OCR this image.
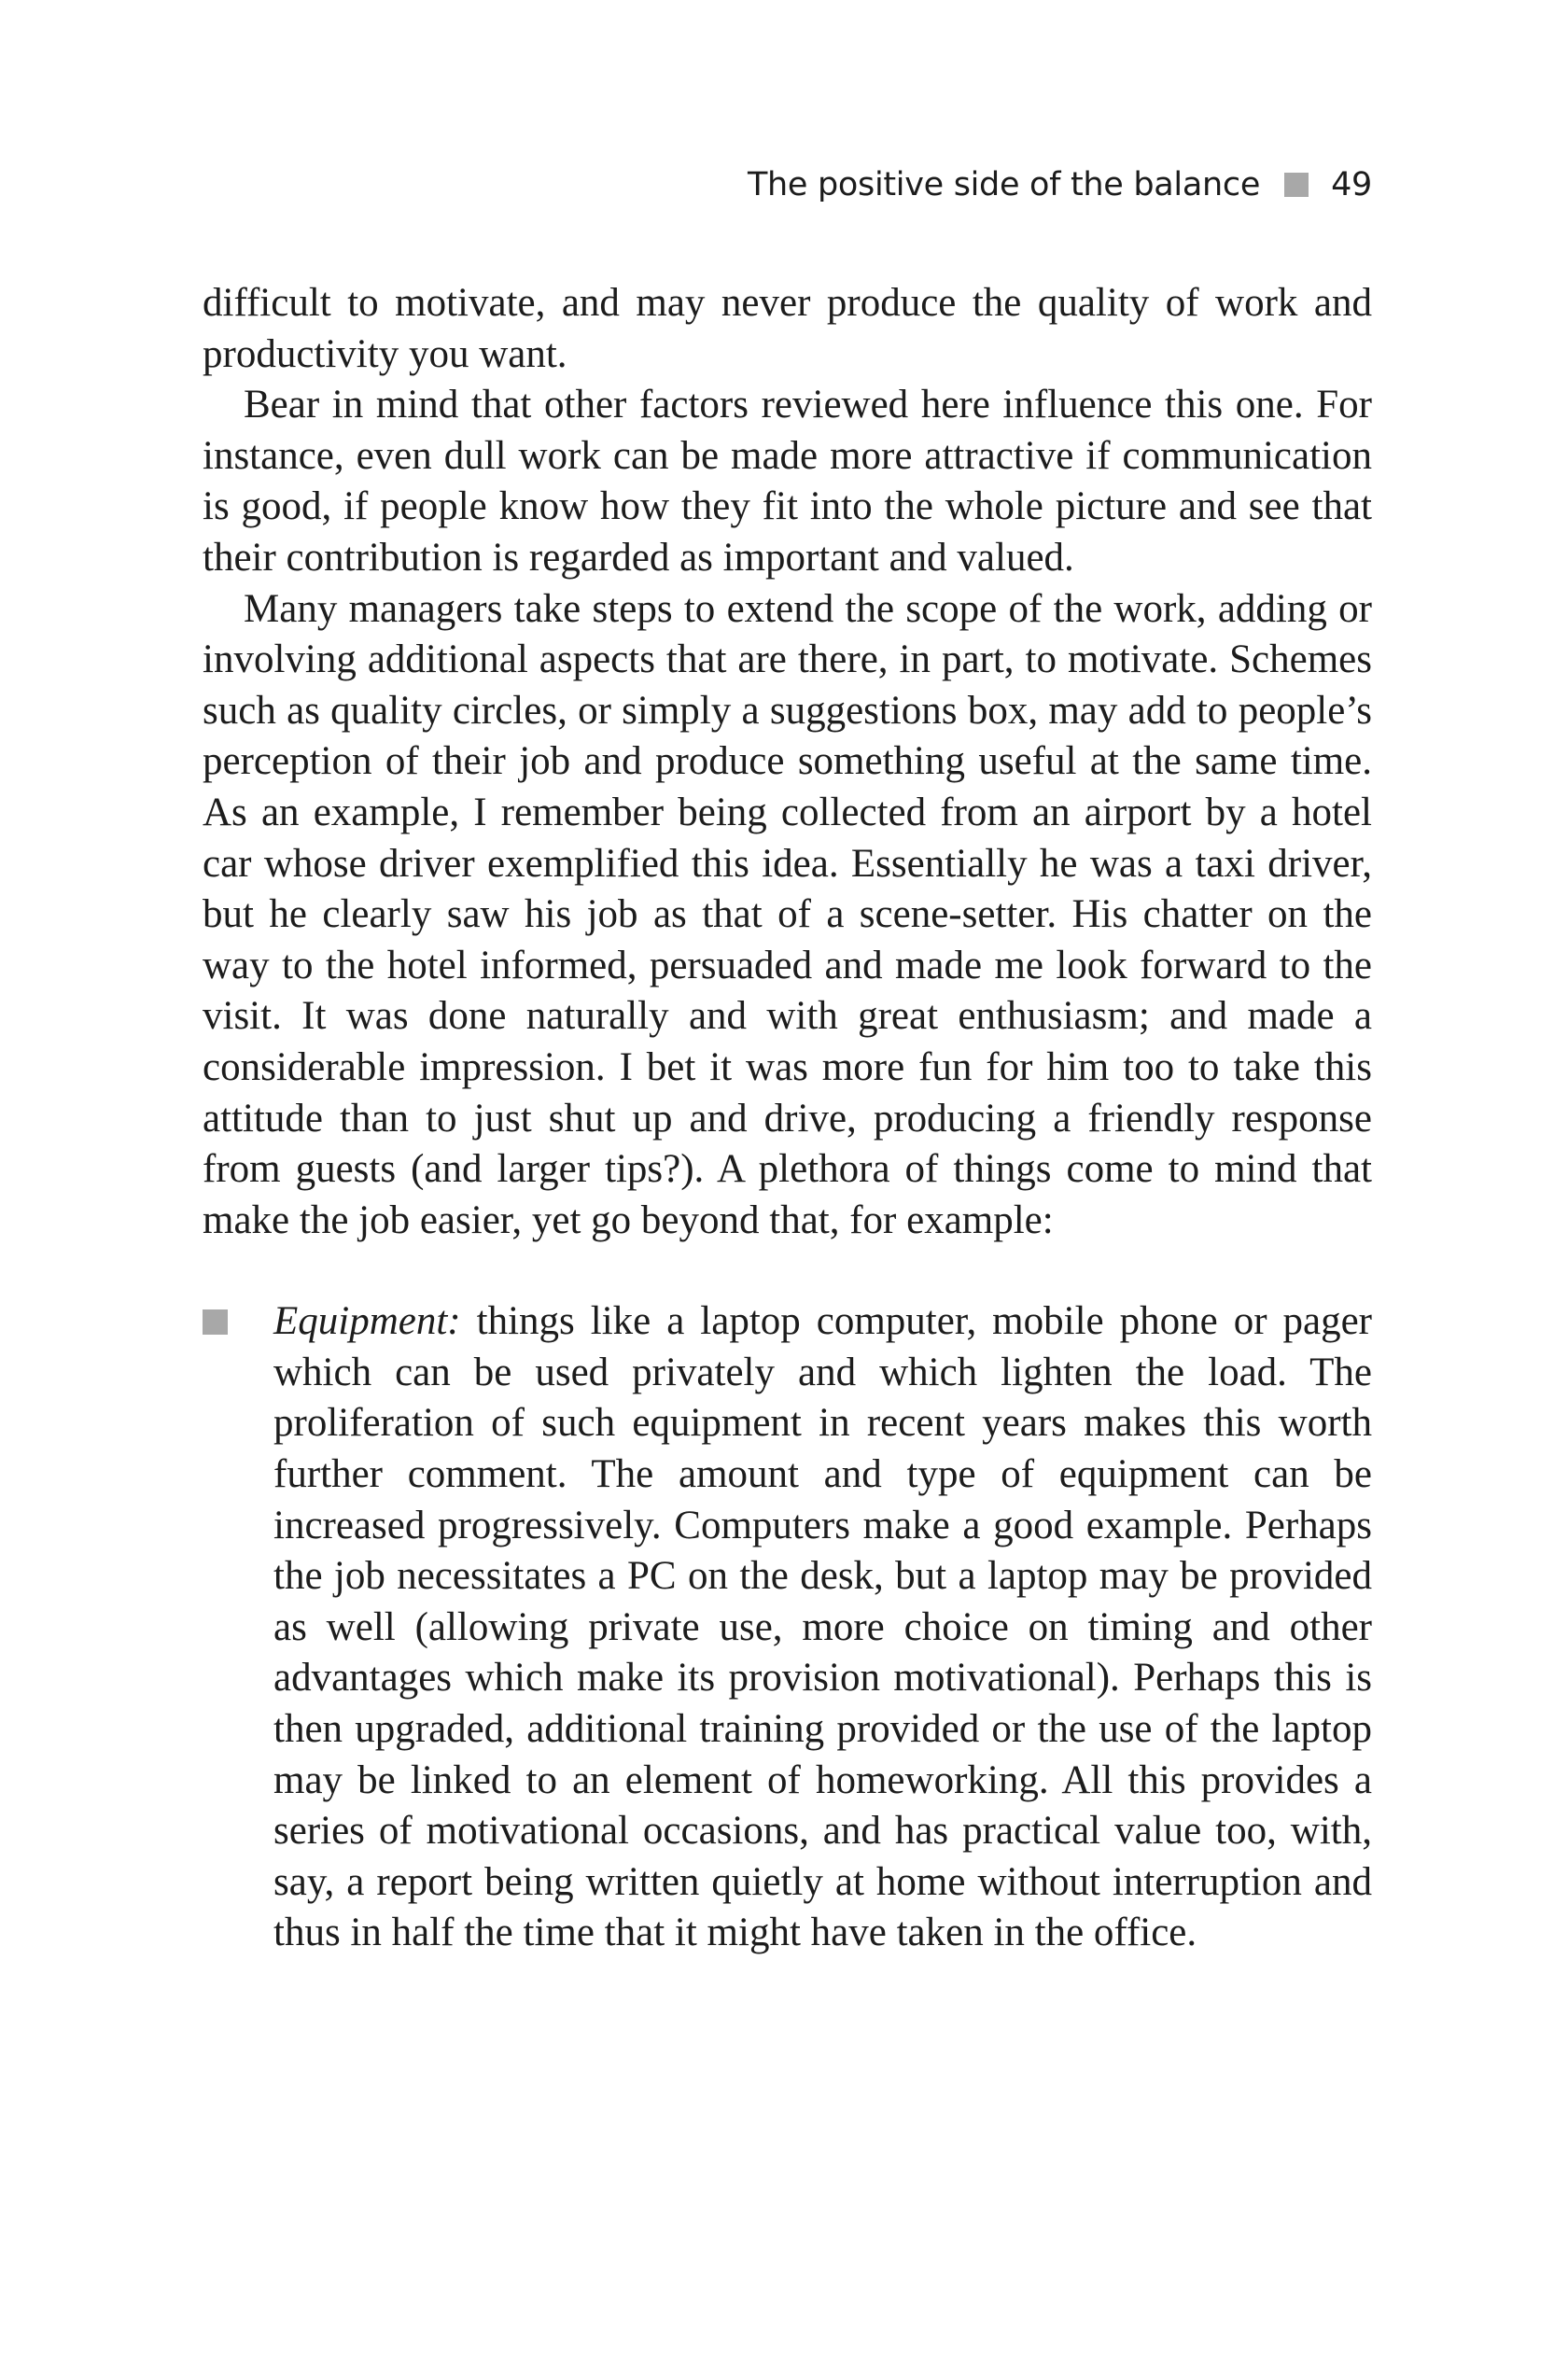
The positive side of the balance 49

difficult to motivate, and may never produce the quality of work and productivity you want.

Bear in mind that other factors reviewed here influence this one. For instance, even dull work can be made more attractive if communication is good, if people know how they fit into the whole picture and see that their contribution is regarded as important and valued.

Many managers take steps to extend the scope of the work, adding or involving additional aspects that are there, in part, to motivate. Schemes such as quality circles, or simply a suggestions box, may add to people’s perception of their job and produce something useful at the same time. As an example, I remember being collected from an airport by a hotel car whose driver exemplified this idea. Essentially he was a taxi driver, but he clearly saw his job as that of a scene-setter. His chatter on the way to the hotel informed, persuaded and made me look forward to the visit. It was done naturally and with great enthusiasm; and made a considerable impression. I bet it was more fun for him too to take this attitude than to just shut up and drive, producing a friendly response from guests (and larger tips?). A plethora of things come to mind that make the job easier, yet go beyond that, for example:

Equipment: things like a laptop computer, mobile phone or pager which can be used privately and which lighten the load. The proliferation of such equipment in recent years makes this worth further comment. The amount and type of equipment can be increased progressively. Computers make a good example. Perhaps the job necessitates a PC on the desk, but a laptop may be provided as well (allowing private use, more choice on timing and other advantages which make its provision motivational). Perhaps this is then upgraded, additional training provided or the use of the laptop may be linked to an element of homeworking. All this provides a series of motivational occasions, and has practical value too, with, say, a report being written quietly at home without interruption and thus in half the time that it might have taken in the office.
